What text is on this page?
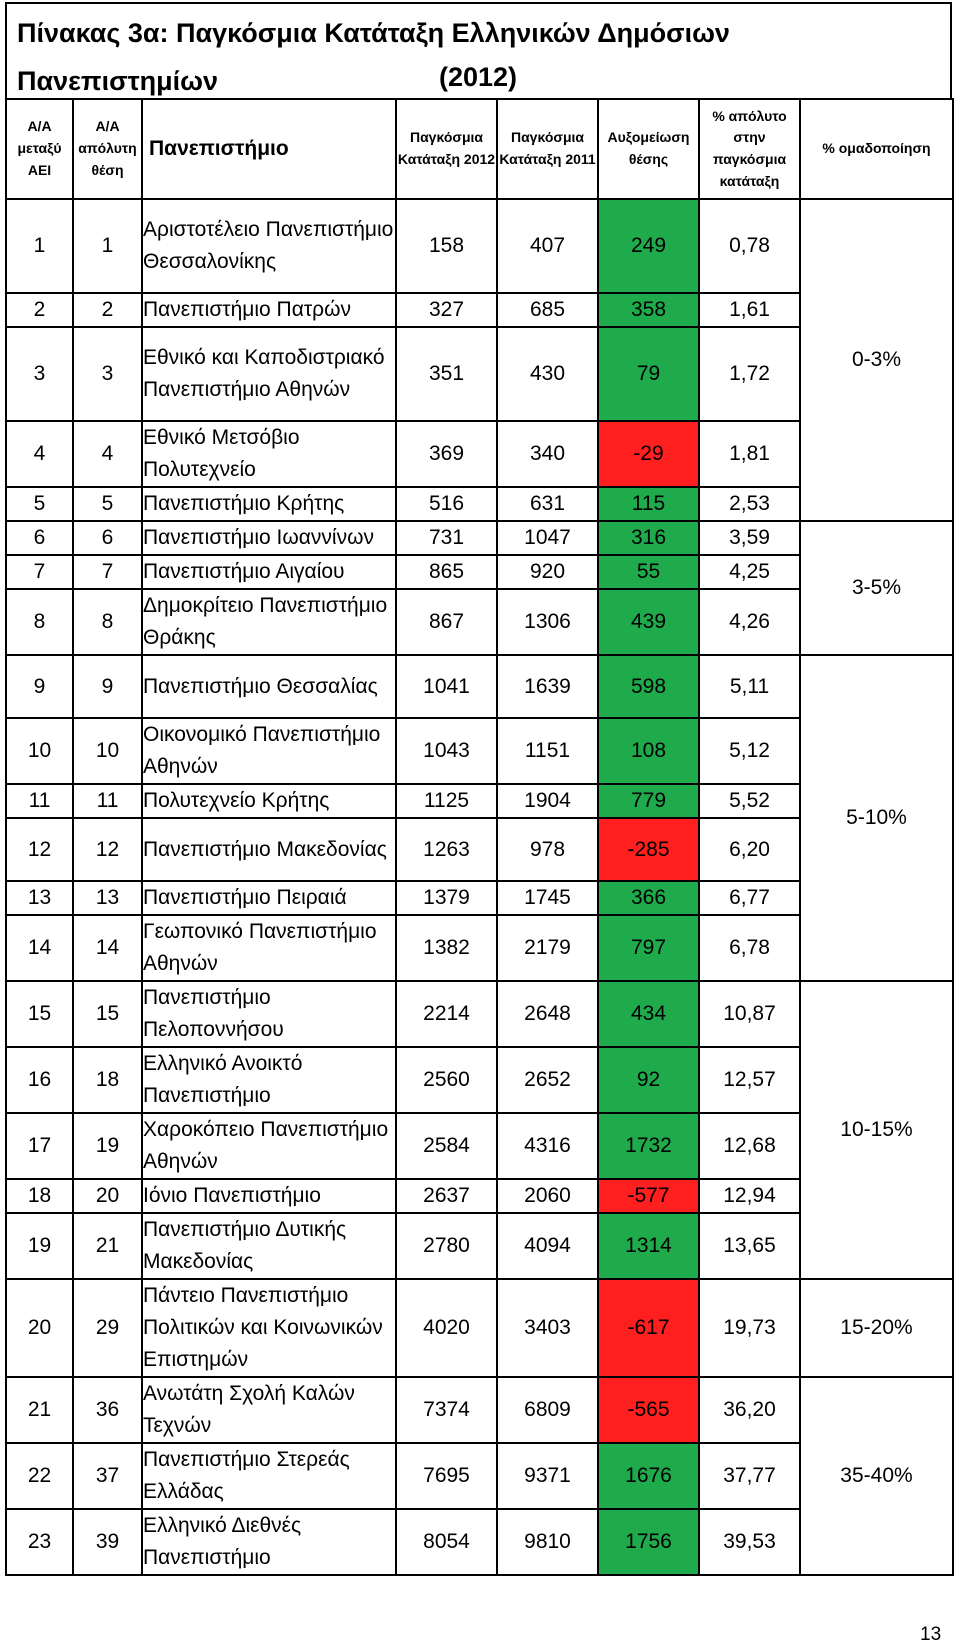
Πίνακας 3α: Παγκόσμια Κατάταξη Ελληνικών Δημόσιων
Πανεπιστημίων	(2012)
Α/Α μεταξύ ΑΕΙ	Α/Α απόλυτη θέση	Πανεπιστήμιο	Παγκόσμια Κατάταξη 2012	Παγκόσμια Κατάταξη 2011	Αυξομείωση θέσης	% απόλυτο στην παγκόσμια κατάταξη	% ομαδοποίηση
1	1	Αριστοτέλειο Πανεπιστήμιο Θεσσαλονίκης	158	407	249	0,78	0-3%
2	2	Πανεπιστήμιο Πατρών	327	685	358	1,61	
3	3	Εθνικό και Καποδιστριακό Πανεπιστήμιο Αθηνών	351	430	79	1,72	
4	4	Εθνικό Μετσόβιο Πολυτεχνείο	369	340	-29	1,81	
5	5	Πανεπιστήμιο Κρήτης	516	631	115	2,53	
6	6	Πανεπιστήμιο Ιωαννίνων	731	1047	316	3,59	3-5%
7	7	Πανεπιστήμιο Αιγαίου	865	920	55	4,25	
8	8	Δημοκρίτειο Πανεπιστήμιο Θράκης	867	1306	439	4,26	
9	9	Πανεπιστήμιο Θεσσαλίας	1041	1639	598	5,11	5-10%
10	10	Οικονομικό Πανεπιστήμιο Αθηνών	1043	1151	108	5,12	
11	11	Πολυτεχνείο Κρήτης	1125	1904	779	5,52	
12	12	Πανεπιστήμιο Μακεδονίας	1263	978	-285	6,20	
13	13	Πανεπιστήμιο Πειραιά	1379	1745	366	6,77	
14	14	Γεωπονικό Πανεπιστήμιο Αθηνών	1382	2179	797	6,78	
15	15	Πανεπιστήμιο Πελοποννήσου	2214	2648	434	10,87	10-15%
16	18	Ελληνικό Ανοικτό Πανεπιστήμιο	2560	2652	92	12,57	
17	19	Χαροκόπειο Πανεπιστήμιο Αθηνών	2584	4316	1732	12,68	
18	20	Ιόνιο Πανεπιστήμιο	2637	2060	-577	12,94	
19	21	Πανεπιστήμιο Δυτικής Μακεδονίας	2780	4094	1314	13,65	
20	29	Πάντειο Πανεπιστήμιο Πολιτικών και Κοινωνικών Επιστημών	4020	3403	-617	19,73	15-20%
21	36	Ανωτάτη Σχολή Καλών Τεχνών	7374	6809	-565	36,20	35-40%
22	37	Πανεπιστήμιο Στερεάς Ελλάδας	7695	9371	1676	37,77	
23	39	Ελληνικό Διεθνές Πανεπιστήμιο	8054	9810	1756	39,53	
13
